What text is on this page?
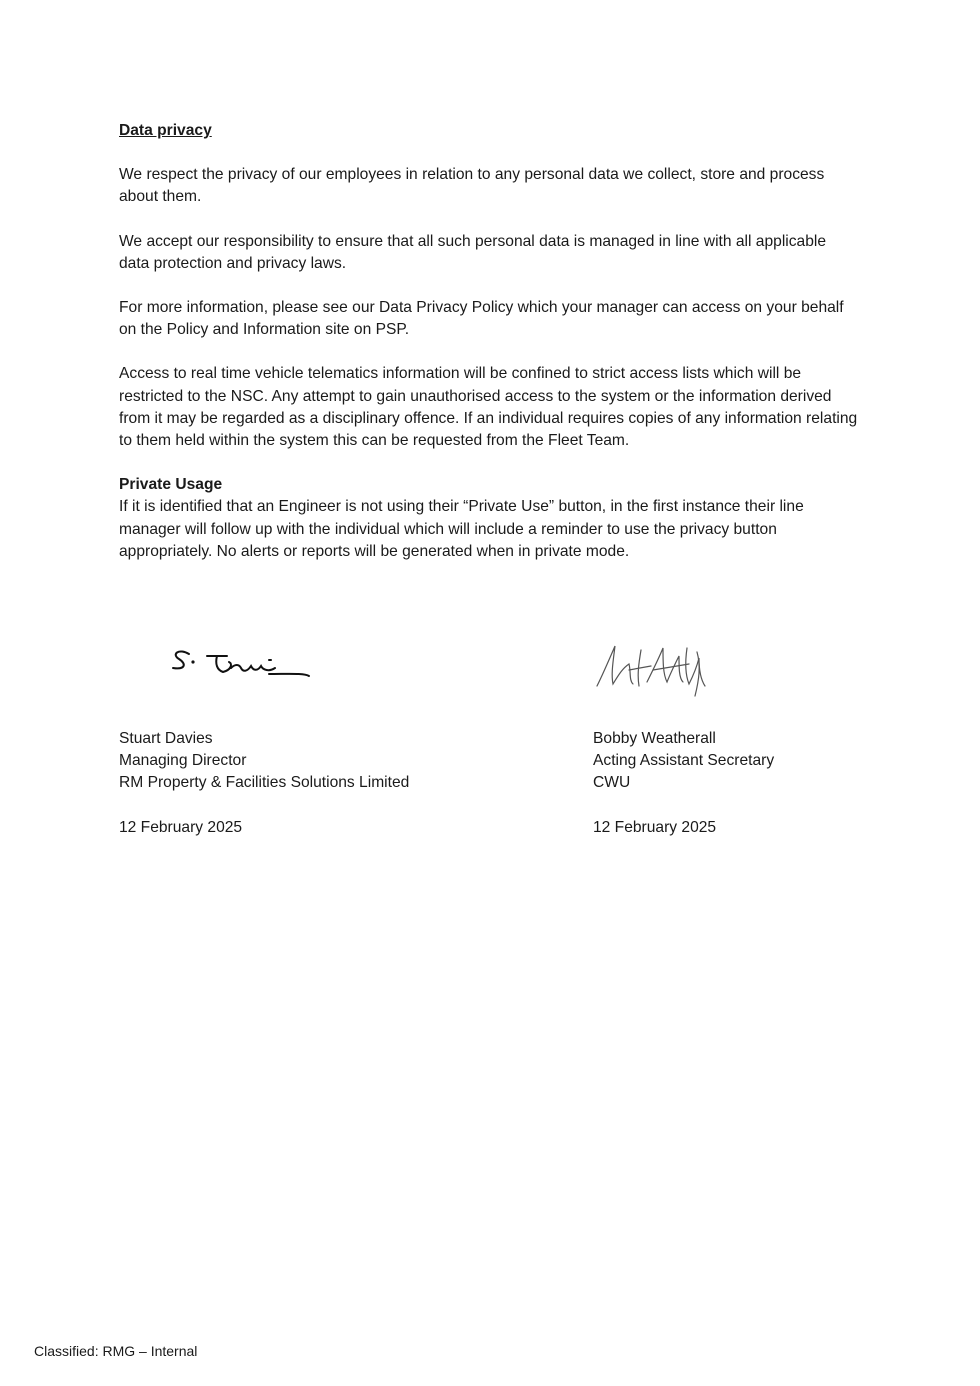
Data privacy

We respect the privacy of our employees in relation to any personal data we collect, store and process about them.

We accept our responsibility to ensure that all such personal data is managed in line with all applicable data protection and privacy laws.

For more information, please see our Data Privacy Policy which your manager can access on your behalf on the Policy and Information site on PSP.

Access to real time vehicle telematics information will be confined to strict access lists which will be restricted to the NSC. Any attempt to gain unauthorised access to the system or the information derived from it may be regarded as a disciplinary offence. If an individual requires copies of any information relating to them held within the system this can be requested from the Fleet Team.

Private Usage

If it is identified that an Engineer is not using their “Private Use” button, in the first instance their line manager will follow up with the individual which will include a reminder to use the privacy button appropriately. No alerts or reports will be generated when in private mode.

Stuart Davies
Managing Director
RM Property & Facilities Solutions Limited
12 February 2025
Bobby Weatherall
Acting Assistant Secretary
CWU
12 February 2025
Classified: RMG – Internal
